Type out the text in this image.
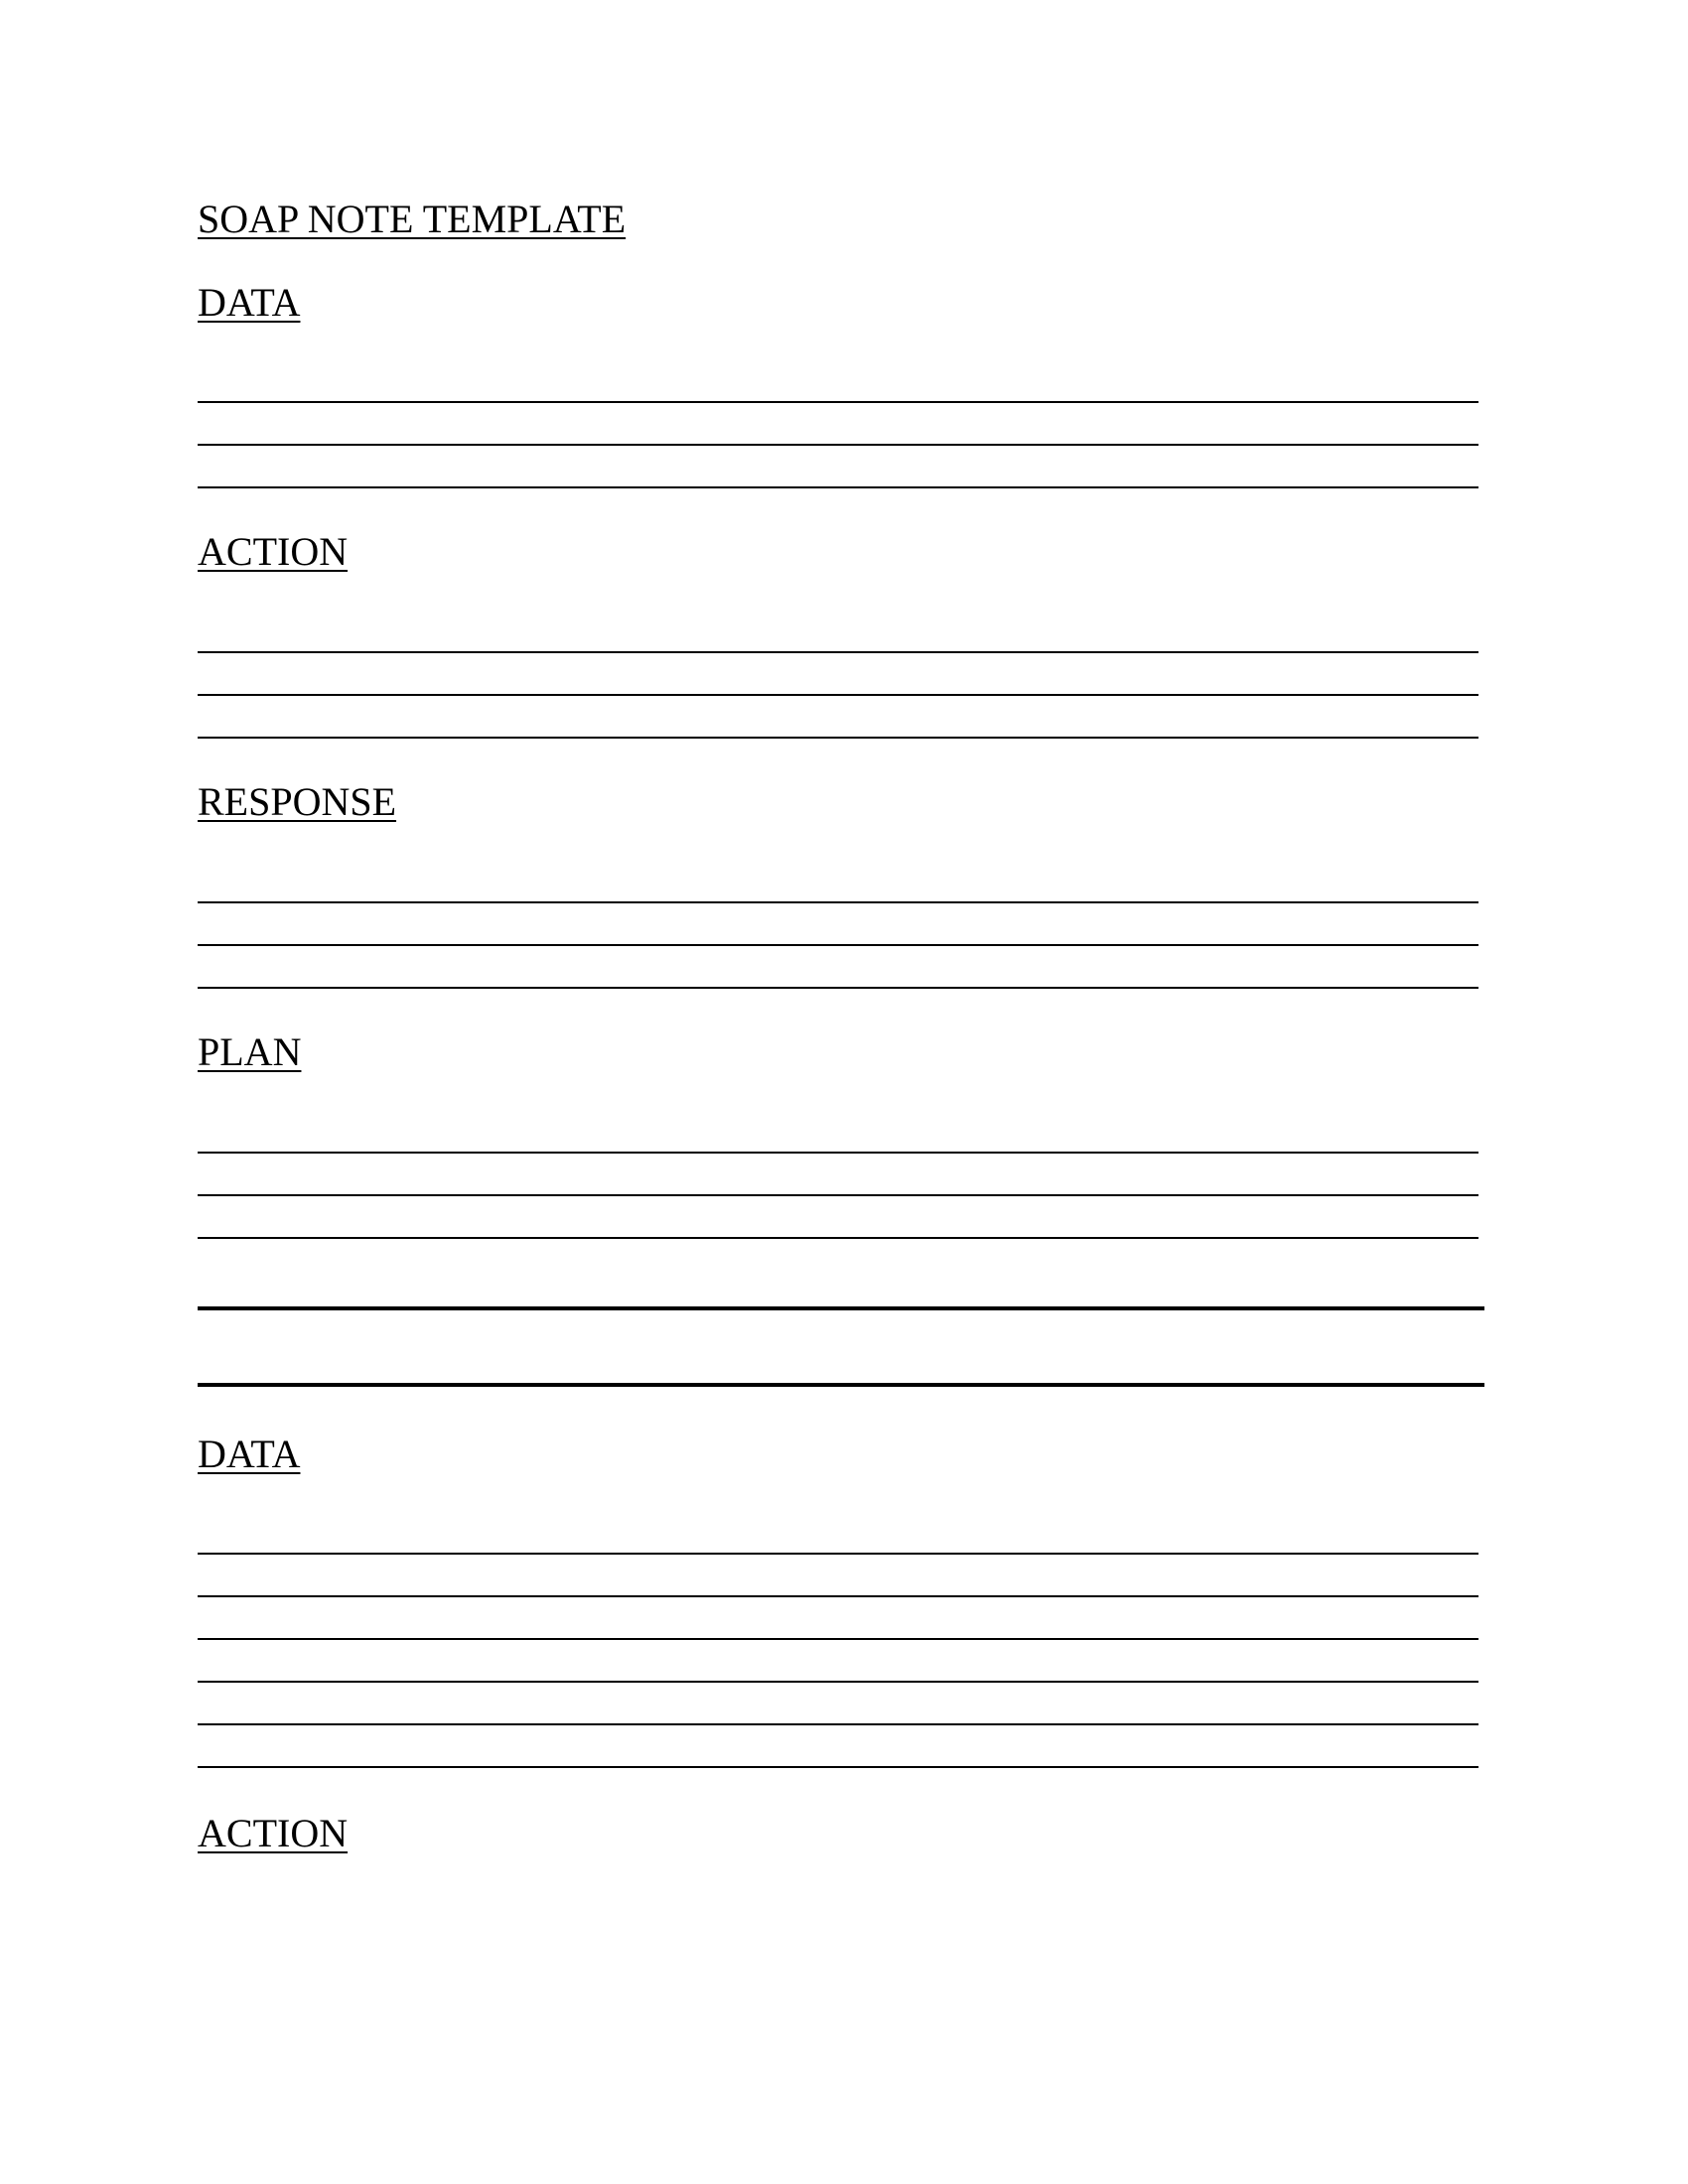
SOAP NOTE TEMPLATE
DATA
ACTION
RESPONSE
PLAN
DATA
ACTION
